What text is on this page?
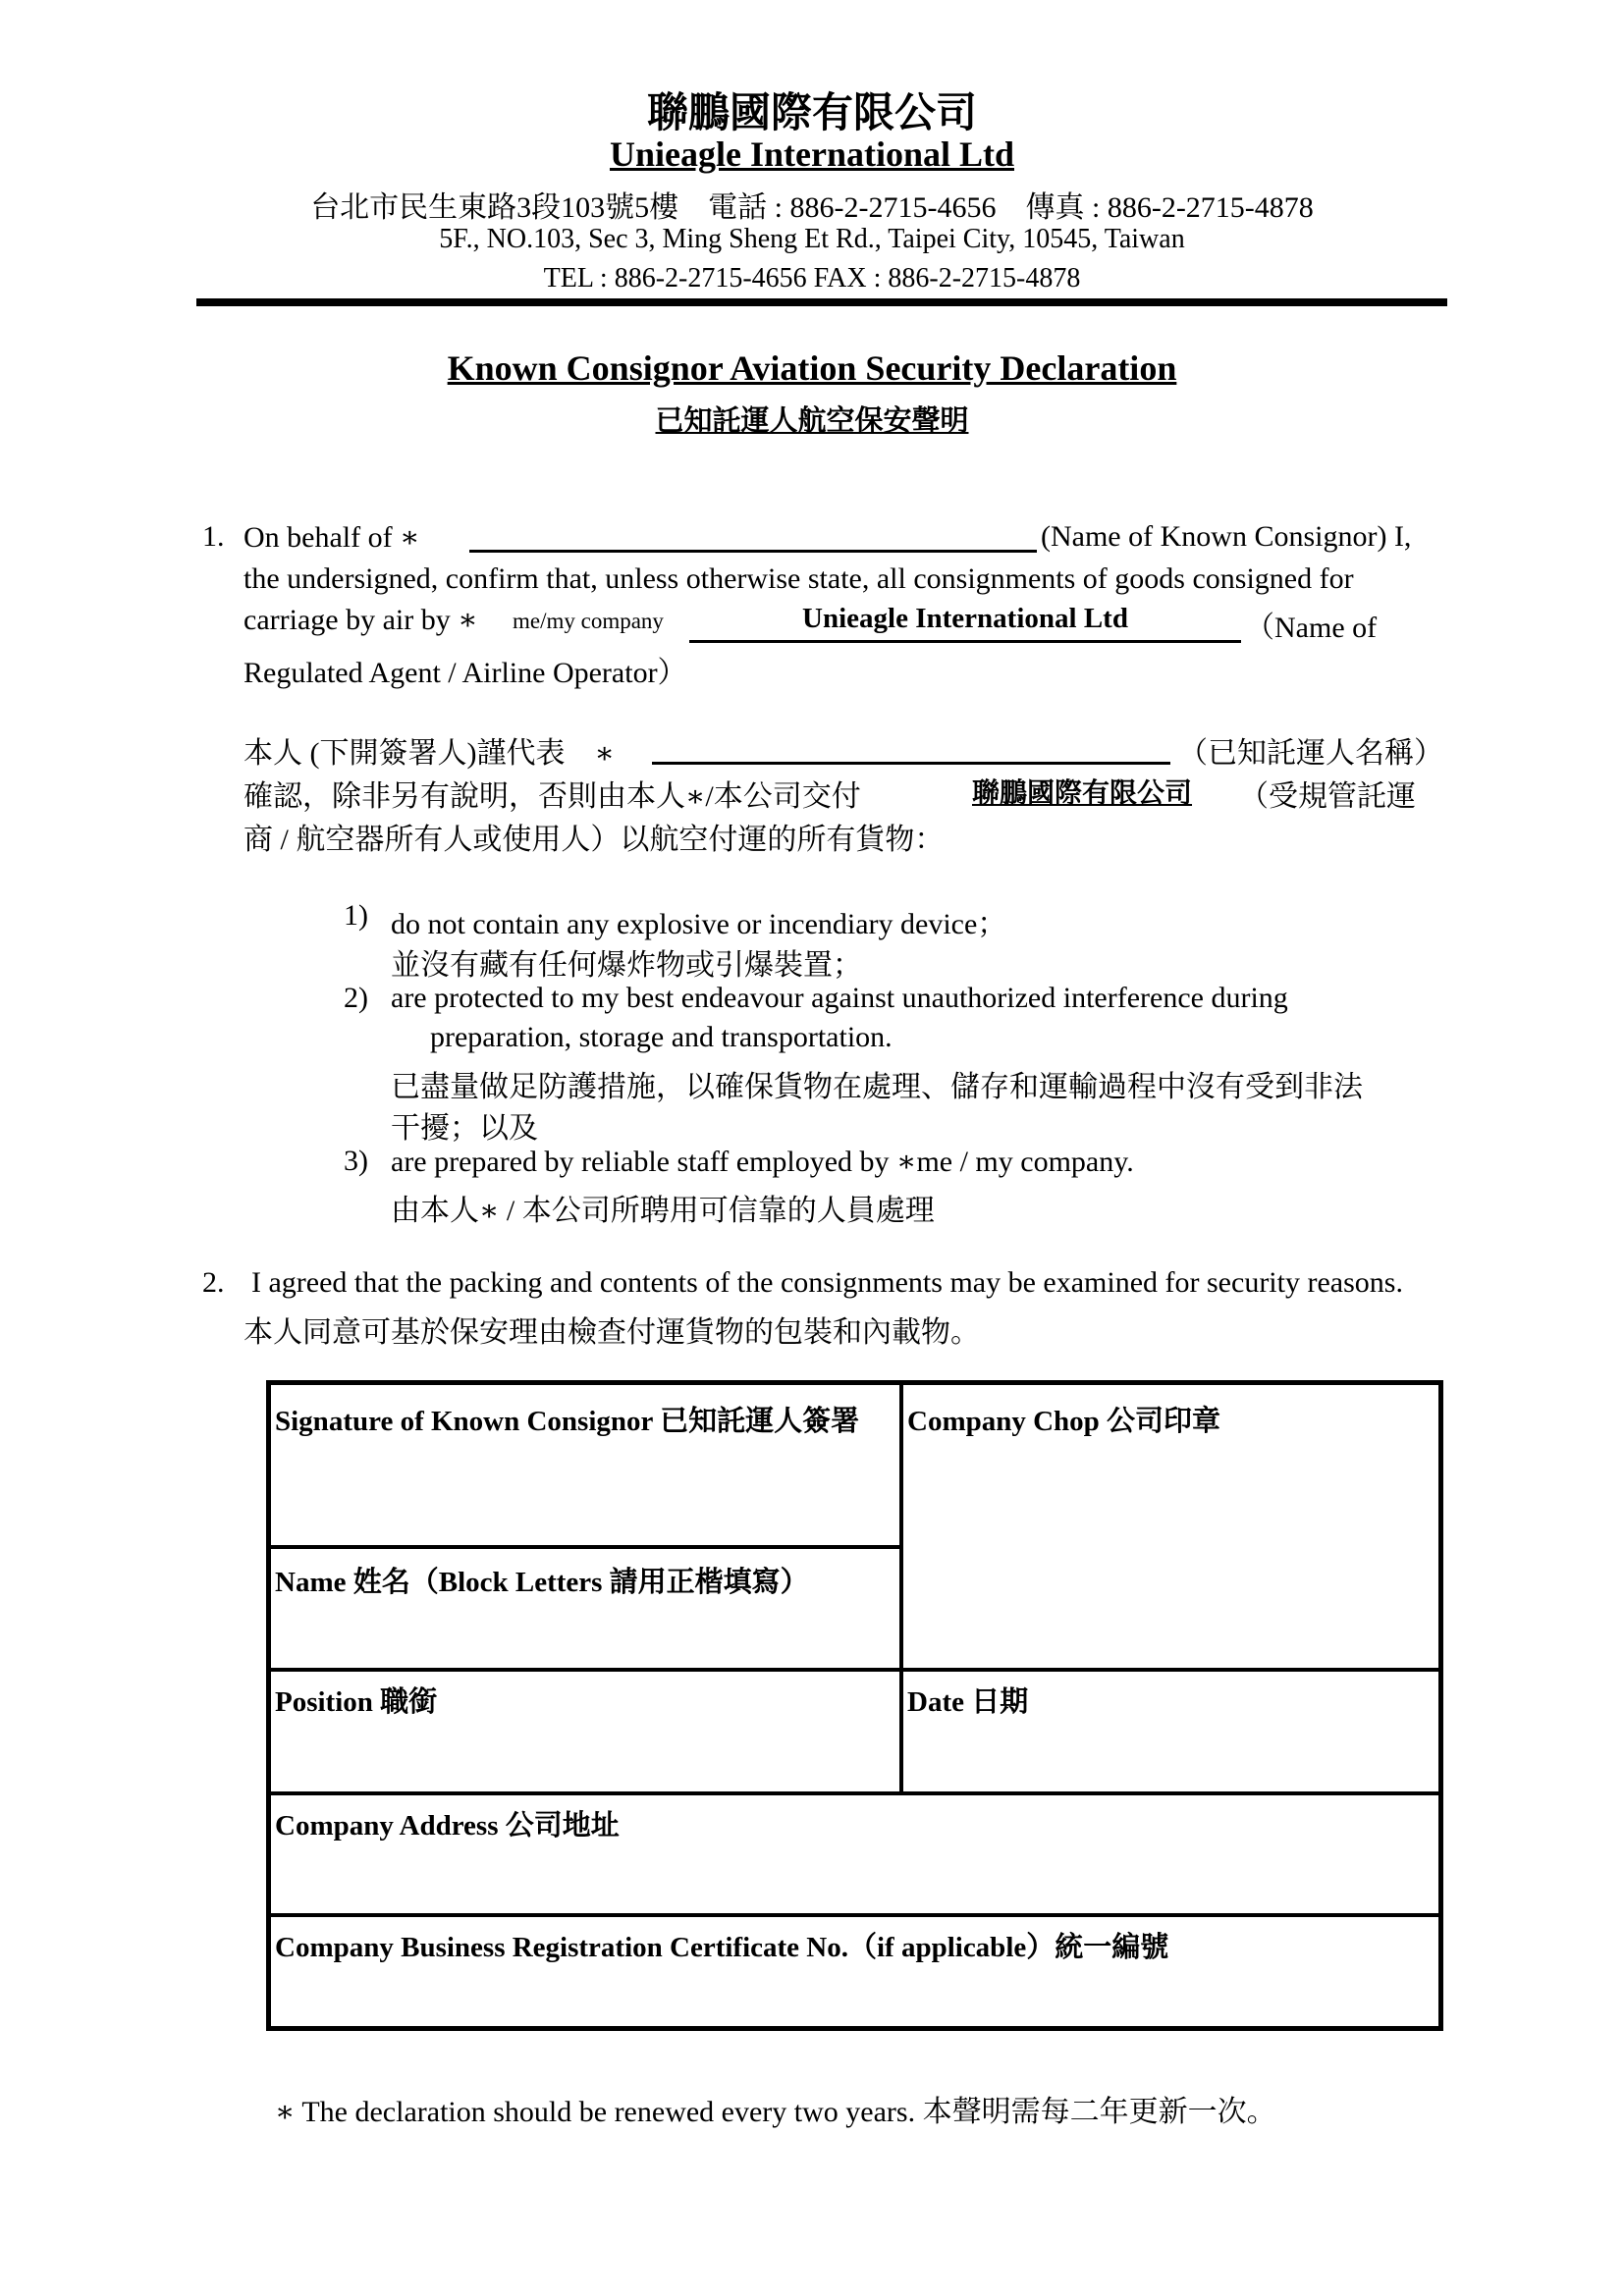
聯鵬國際有限公司
Unieagle International Ltd
台北市民生東路3段103號5樓　電話 : 886-2-2715-4656　傳真 : 886-2-2715-4878
5F., NO.103, Sec 3, Ming Sheng Et Rd., Taipei City, 10545, Taiwan
TEL : 886-2-2715-4656 FAX : 886-2-2715-4878
Known Consignor Aviation Security Declaration
已知託運人航空保安聲明
1. On behalf of ∗	(Name of Known Consignor) I,
the undersigned, confirm that, unless otherwise state, all consignments of goods consigned for
carriage by air by ∗ me/my company	Unieagle International Ltd	（Name of
Regulated Agent / Airline Operator）
本人 (下開簽署人)謹代表　∗	（已知託運人名稱）
確認，除非另有說明，否則由本人∗/本公司交付	聯鵬國際有限公司 （受規管託運
商 / 航空器所有人或使用人）以航空付運的所有貨物：
1) do not contain any explosive or incendiary device；
並沒有藏有任何爆炸物或引爆裝置；
2) are protected to my best endeavour against unauthorized interference during
preparation, storage and transportation.
已盡量做足防護措施，以確保貨物在處理、儲存和運輸過程中沒有受到非法
干擾；以及
3) are prepared by reliable staff employed by ∗me / my company.
由本人∗ / 本公司所聘用可信靠的人員處理
2. I agreed that the packing and contents of the consignments may be examined for security reasons.
本人同意可基於保安理由檢查付運貨物的包裝和內載物。
Signature of Known Consignor 已知託運人簽署 Company Chop 公司印章
Name 姓名（Block Letters 請用正楷填寫）
Position 職銜	Date 日期
Company Address 公司地址
Company Business Registration Certificate No.（if applicable）統一編號
∗ The declaration should be renewed every two years. 本聲明需每二年更新一次。
